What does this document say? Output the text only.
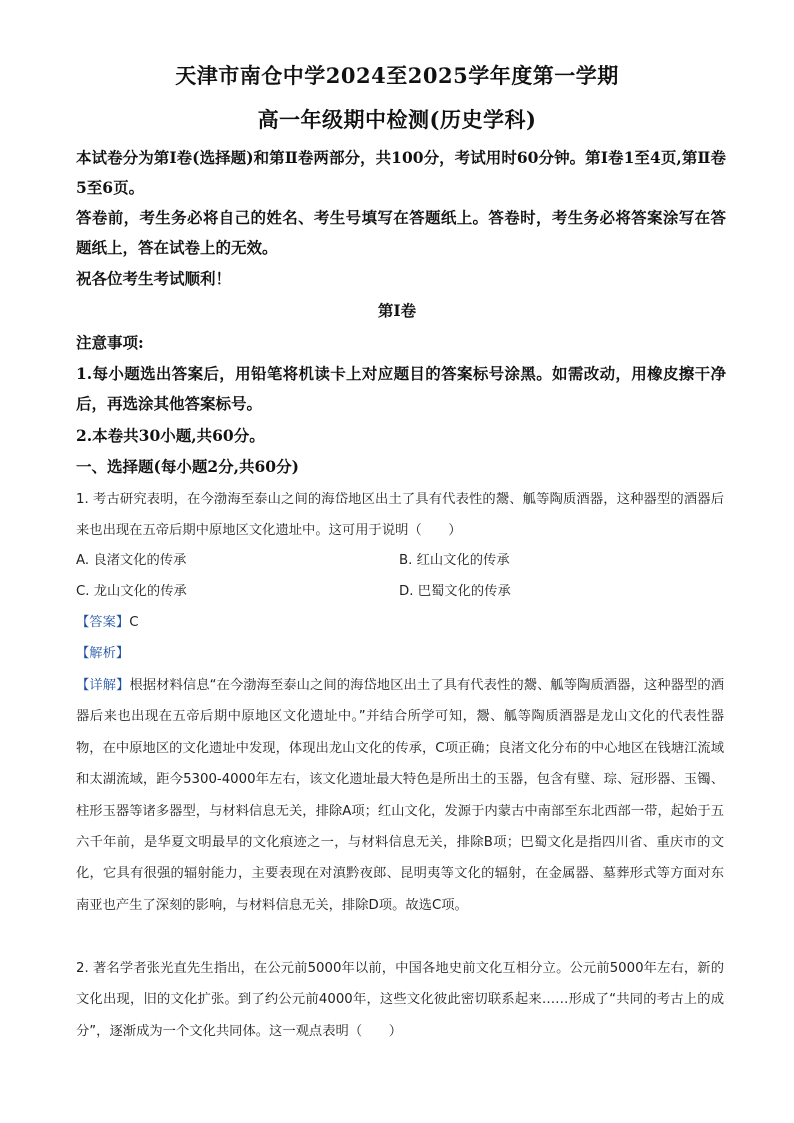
天津市南仓中学2024至2025学年度第一学期
高一年级期中检测(历史学科)
本试卷分为第Ⅰ卷(选择题)和第Ⅱ卷两部分，共100分，考试用时60分钟。第Ⅰ卷1至4页,第Ⅱ卷5至6页。
答卷前，考生务必将自己的姓名、考生号填写在答题纸上。答卷时，考生务必将答案涂写在答题纸上，答在试卷上的无效。
祝各位考生考试顺利！
第Ⅰ卷
注意事项:
1.每小题选出答案后，用铅笔将机读卡上对应题目的答案标号涂黑。如需改动，用橡皮擦干净后，再选涂其他答案标号。
2.本卷共30小题,共60分。
一、选择题(每小题2分,共60分)
1. 考古研究表明，在今渤海至泰山之间的海岱地区出土了具有代表性的鬶、觚等陶质酒器，这种器型的酒器后来也出现在五帝后期中原地区文化遗址中。这可用于说明（　　）
A. 良渚文化的传承	B. 红山文化的传承
C. 龙山文化的传承	D. 巴蜀文化的传承
【答案】C
【解析】
【详解】根据材料信息“在今渤海至泰山之间的海岱地区出土了具有代表性的鬶、觚等陶质酒器，这种器型的酒器后来也出现在五帝后期中原地区文化遗址中。”并结合所学可知，鬶、觚等陶质酒器是龙山文化的代表性器物，在中原地区的文化遗址中发现，体现出龙山文化的传承，C项正确；良渚文化分布的中心地区在钱塘江流域和太湖流域，距今5300-4000年左右，该文化遗址最大特色是所出土的玉器，包含有璧、琮、冠形器、玉镯、柱形玉器等诸多器型，与材料信息无关，排除A项；红山文化，发源于内蒙古中南部至东北西部一带，起始于五六千年前，是华夏文明最早的文化痕迹之一，与材料信息无关，排除B项；巴蜀文化是指四川省、重庆市的文化，它具有很强的辐射能力，主要表现在对滇黔夜郎、昆明夷等文化的辐射，在金属器、墓葬形式等方面对东南亚也产生了深刻的影响，与材料信息无关，排除D项。故选C项。
2. 著名学者张光直先生指出，在公元前5000年以前，中国各地史前文化互相分立。公元前5000年左右，新的文化出现，旧的文化扩张。到了约公元前4000年，这些文化彼此密切联系起来……形成了“共同的考古上的成分”，逐渐成为一个文化共同体。这一观点表明（　　）
